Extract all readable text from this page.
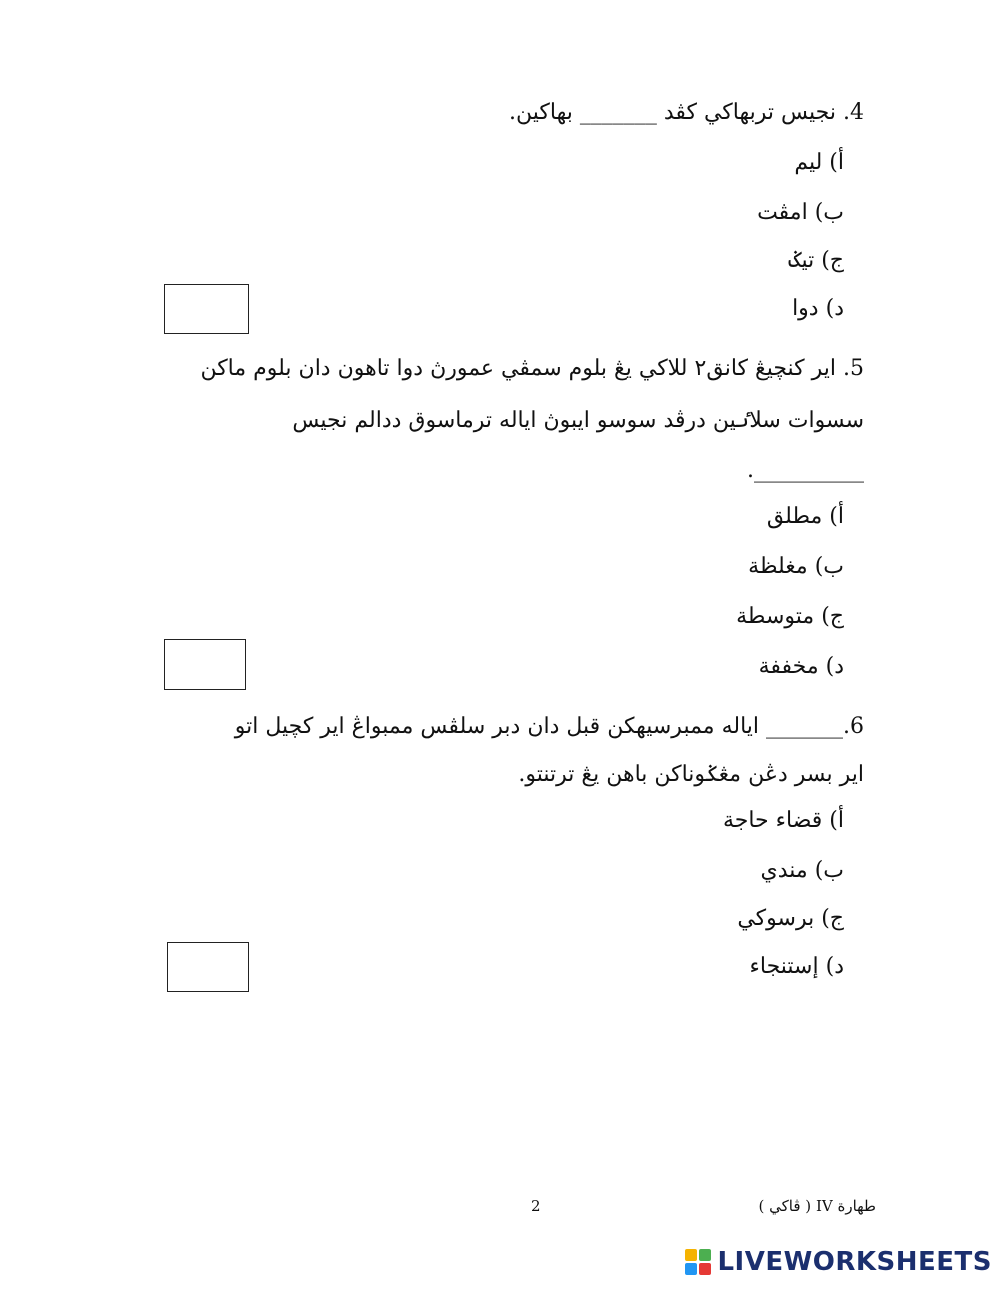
4. نجيس تربهاکي كڤد _______ بهاکين.
أ) ليم
ب) امڤت
ج) تيݢ
د) دوا
5. اير كنچيڠ كانق٢ للاکي يڠ بلوم سمڤي عمورڽ دوا تاهون دان بلوم ماكن
سسوات سلاٸين درڤد سوسو ايبوڽ اياله ترماسوق ددالم نجيس
__________.
أ) مطلق
ب) مغلظة
ج) متوسطة
د) مخففة
6._______ اياله ممبرسيهكن قبل دان دبر سلڤس ممبواڠ اير كچيل اتو
اير بسر دڠن مڠݢوناکن باهن يڠ ترتنتو.
أ) قضاء حاجة
ب) مندي
ج) برسوکي
د) إستنجاء
طهارة IV ( ڤاکي )
2
LIVEWORKSHEETS
